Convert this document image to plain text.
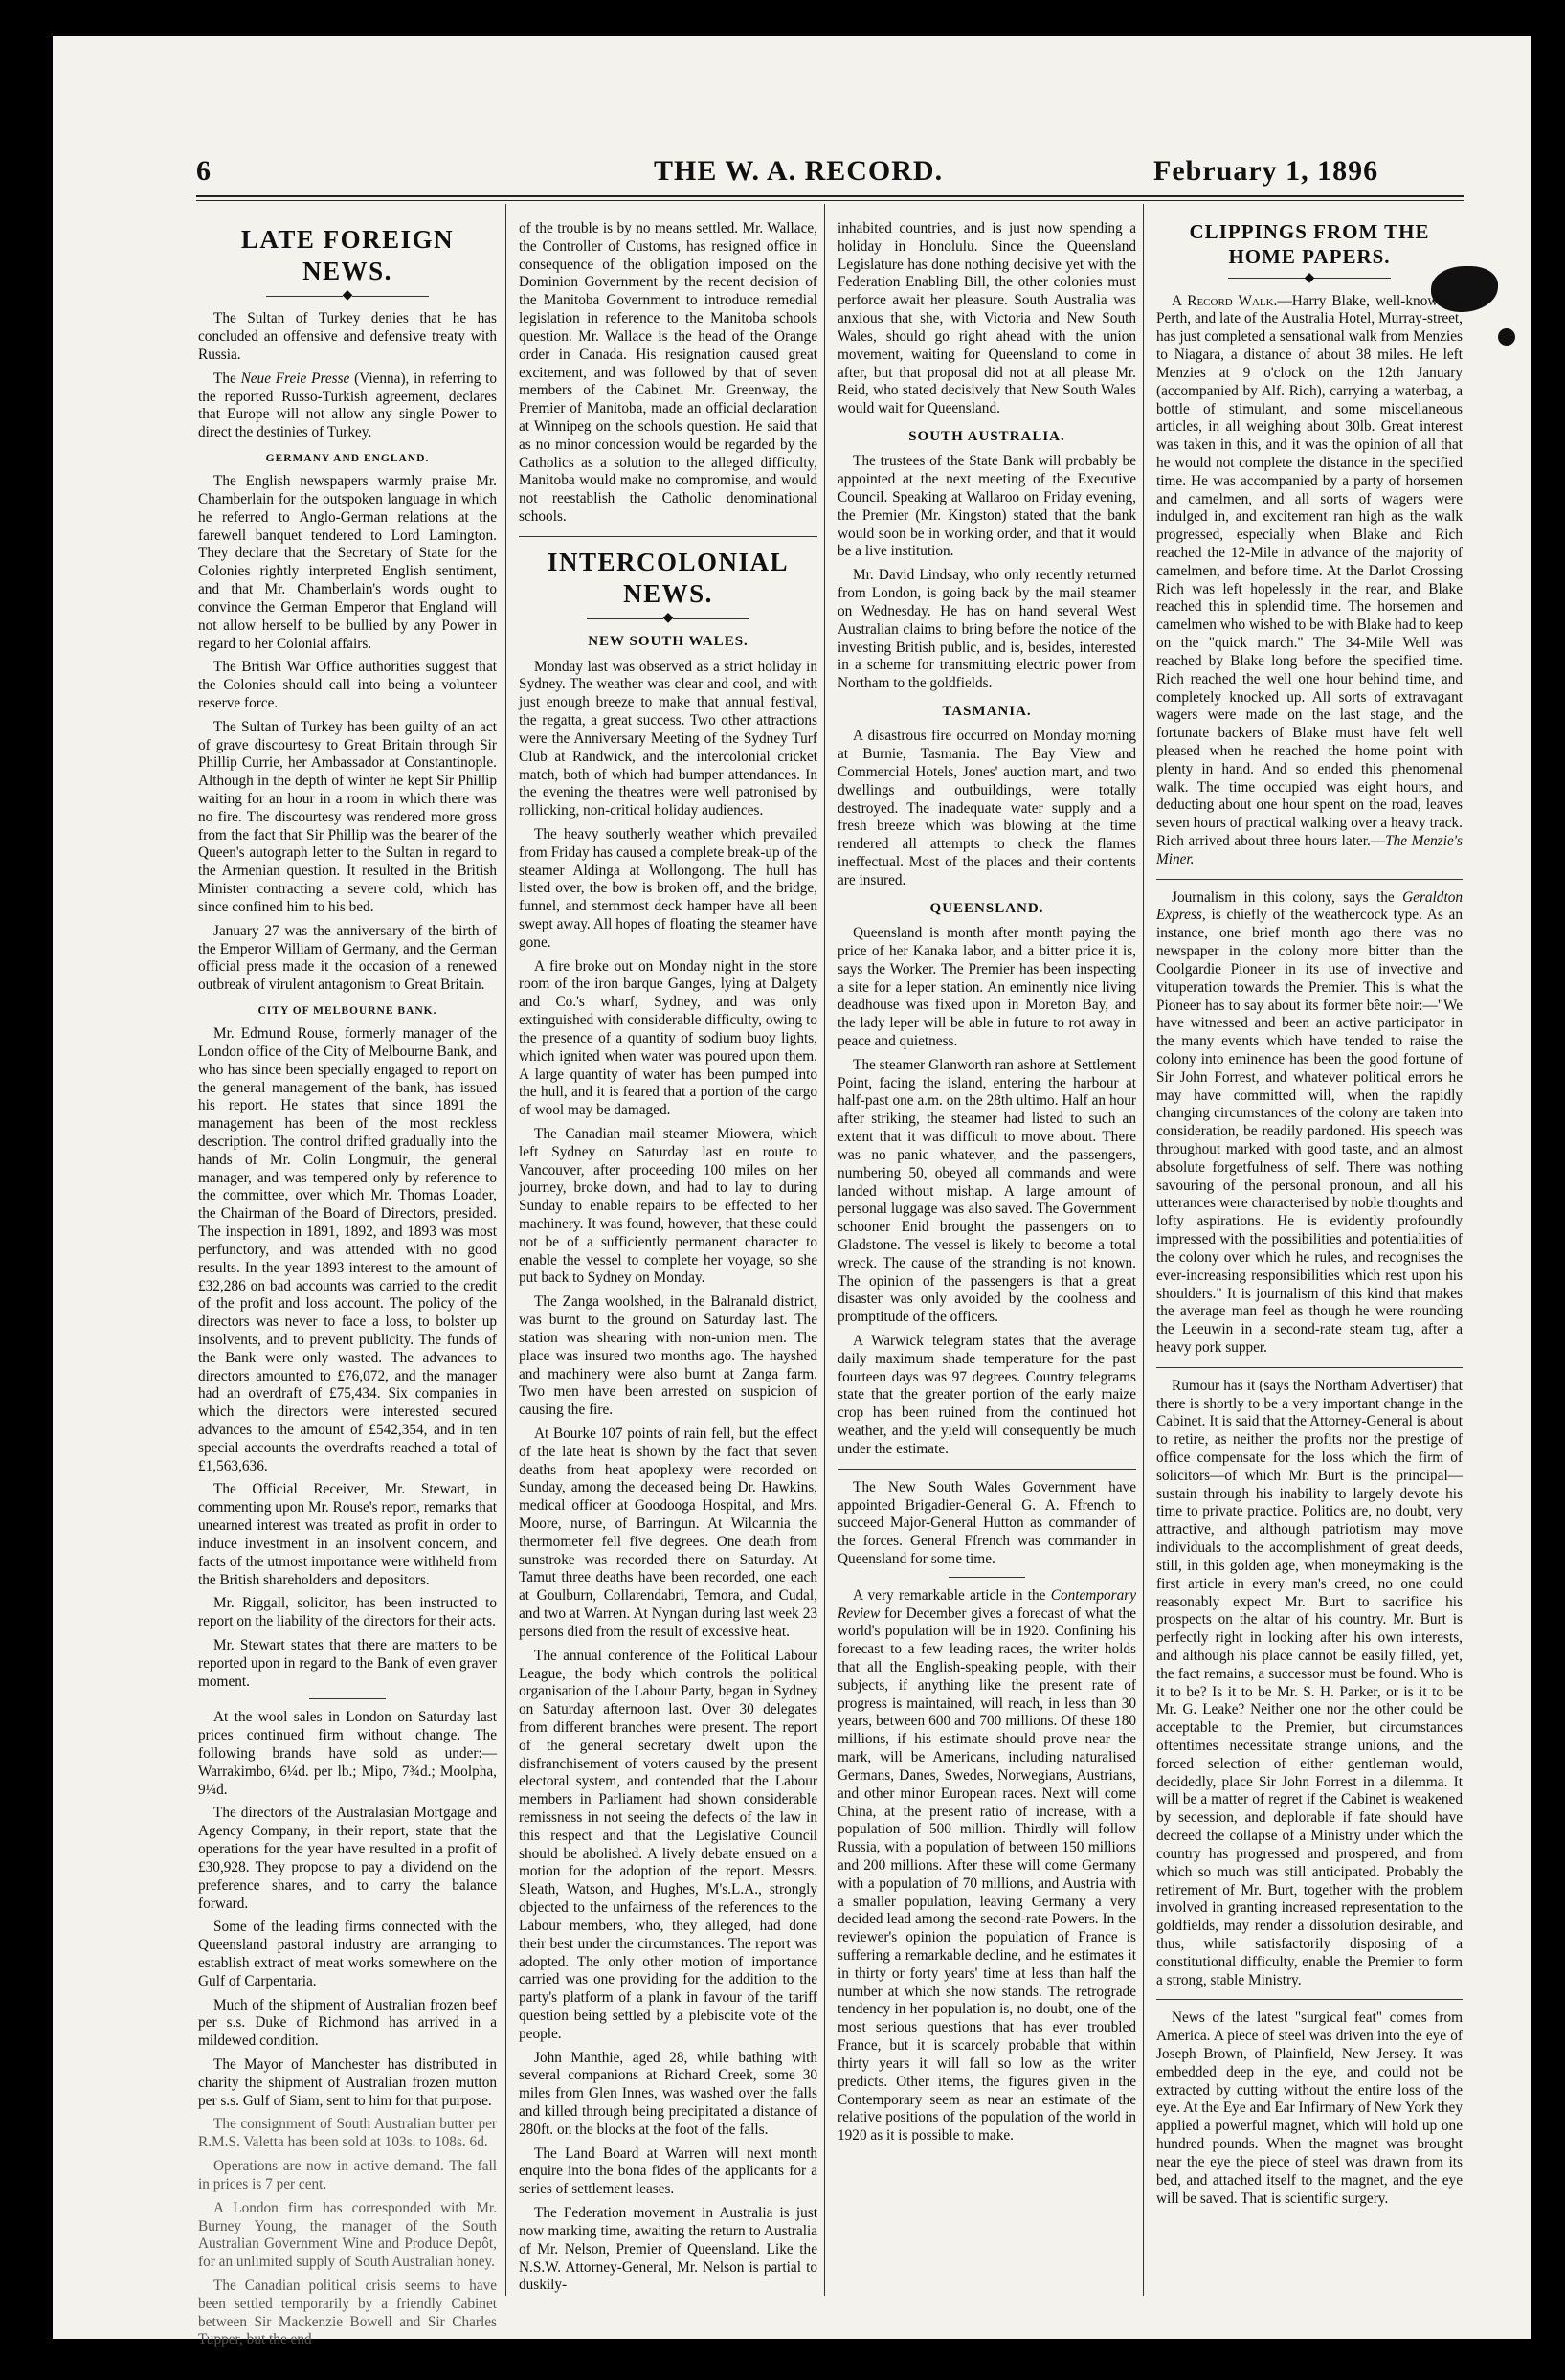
6	THE W. A. RECORD.	February 1, 1896
LATE FOREIGN NEWS.
◆

The Sultan of Turkey denies that he has concluded an offensive and defensive treaty with Russia.

The Neue Freie Presse (Vienna), in referring to the reported Russo-Turkish agreement, declares that Europe will not allow any single Power to direct the destinies of Turkey.

GERMANY AND ENGLAND.

The English newspapers warmly praise Mr. Chamberlain for the outspoken language in which he referred to Anglo-German relations at the farewell banquet tendered to Lord Lamington. They declare that the Secretary of State for the Colonies rightly interpreted English sentiment, and that Mr. Chamberlain's words ought to convince the German Emperor that England will not allow herself to be bullied by any Power in regard to her Colonial affairs.

The British War Office authorities suggest that the Colonies should call into being a volunteer reserve force.

The Sultan of Turkey has been guilty of an act of grave discourtesy to Great Britain through Sir Phillip Currie, her Ambassador at Constantinople. Although in the depth of winter he kept Sir Phillip waiting for an hour in a room in which there was no fire. The discourtesy was rendered more gross from the fact that Sir Phillip was the bearer of the Queen's autograph letter to the Sultan in regard to the Armenian question. It resulted in the British Minister contracting a severe cold, which has since confined him to his bed.

January 27 was the anniversary of the birth of the Emperor William of Germany, and the German official press made it the occasion of a renewed outbreak of virulent antagonism to Great Britain.

CITY OF MELBOURNE BANK.

Mr. Edmund Rouse, formerly manager of the London office of the City of Melbourne Bank, and who has since been specially engaged to report on the general management of the bank, has issued his report. He states that since 1891 the management has been of the most reckless description. The control drifted gradually into the hands of Mr. Colin Longmuir, the general manager, and was tempered only by reference to the committee, over which Mr. Thomas Loader, the Chairman of the Board of Directors, presided. The inspection in 1891, 1892, and 1893 was most perfunctory, and was attended with no good results. In the year 1893 interest to the amount of £32,286 on bad accounts was carried to the credit of the profit and loss account. The policy of the directors was never to face a loss, to bolster up insolvents, and to prevent publicity. The funds of the Bank were only wasted. The advances to directors amounted to £76,072, and the manager had an overdraft of £75,434. Six companies in which the directors were interested secured advances to the amount of £542,354, and in ten special accounts the overdrafts reached a total of £1,563,636.

The Official Receiver, Mr. Stewart, in commenting upon Mr. Rouse's report, remarks that unearned interest was treated as profit in order to induce investment in an insolvent concern, and facts of the utmost importance were withheld from the British shareholders and depositors.

Mr. Riggall, solicitor, has been instructed to report on the liability of the directors for their acts.

Mr. Stewart states that there are matters to be reported upon in regard to the Bank of even graver moment.

At the wool sales in London on Saturday last prices continued firm without change. The following brands have sold as under:—Warrakimbo, 6¼d. per lb.; Mipo, 7¾d.; Moolpha, 9¼d.

The directors of the Australasian Mortgage and Agency Company, in their report, state that the operations for the year have resulted in a profit of £30,928. They propose to pay a dividend on the preference shares, and to carry the balance forward.

Some of the leading firms connected with the Queensland pastoral industry are arranging to establish extract of meat works somewhere on the Gulf of Carpentaria.

Much of the shipment of Australian frozen beef per s.s. Duke of Richmond has arrived in a mildewed condition.

The Mayor of Manchester has distributed in charity the shipment of Australian frozen mutton per s.s. Gulf of Siam, sent to him for that purpose.

The consignment of South Australian butter per R.M.S. Valetta has been sold at 103s. to 108s. 6d.

Operations are now in active demand. The fall in prices is 7 per cent.

A London firm has corresponded with Mr. Burney Young, the manager of the South Australian Government Wine and Produce Depôt, for an unlimited supply of South Australian honey.

The Canadian political crisis seems to have been settled temporarily by a friendly Cabinet between Sir Mackenzie Bowell and Sir Charles Tupper, but the end

of the trouble is by no means settled. Mr. Wallace, the Controller of Customs, has resigned office in consequence of the obligation imposed on the Dominion Government by the recent decision of the Manitoba Government to introduce remedial legislation in reference to the Manitoba schools question. Mr. Wallace is the head of the Orange order in Canada. His resignation caused great excitement, and was followed by that of seven members of the Cabinet. Mr. Greenway, the Premier of Manitoba, made an official declaration at Winnipeg on the schools question. He said that as no minor concession would be regarded by the Catholics as a solution to the alleged difficulty, Manitoba would make no compromise, and would not reestablish the Catholic denominational schools.

INTERCOLONIAL NEWS.
◆
NEW SOUTH WALES.

Monday last was observed as a strict holiday in Sydney. The weather was clear and cool, and with just enough breeze to make that annual festival, the regatta, a great success. Two other attractions were the Anniversary Meeting of the Sydney Turf Club at Randwick, and the intercolonial cricket match, both of which had bumper attendances. In the evening the theatres were well patronised by rollicking, non-critical holiday audiences.

The heavy southerly weather which prevailed from Friday has caused a complete break-up of the steamer Aldinga at Wollongong. The hull has listed over, the bow is broken off, and the bridge, funnel, and sternmost deck hamper have all been swept away. All hopes of floating the steamer have gone.

A fire broke out on Monday night in the store room of the iron barque Ganges, lying at Dalgety and Co.'s wharf, Sydney, and was only extinguished with considerable difficulty, owing to the presence of a quantity of sodium buoy lights, which ignited when water was poured upon them. A large quantity of water has been pumped into the hull, and it is feared that a portion of the cargo of wool may be damaged.

The Canadian mail steamer Miowera, which left Sydney on Saturday last en route to Vancouver, after proceeding 100 miles on her journey, broke down, and had to lay to during Sunday to enable repairs to be effected to her machinery. It was found, however, that these could not be of a sufficiently permanent character to enable the vessel to complete her voyage, so she put back to Sydney on Monday.

The Zanga woolshed, in the Balranald district, was burnt to the ground on Saturday last. The station was shearing with non-union men. The place was insured two months ago. The hayshed and machinery were also burnt at Zanga farm. Two men have been arrested on suspicion of causing the fire.

At Bourke 107 points of rain fell, but the effect of the late heat is shown by the fact that seven deaths from heat apoplexy were recorded on Sunday, among the deceased being Dr. Hawkins, medical officer at Goodooga Hospital, and Mrs. Moore, nurse, of Barringun. At Wilcannia the thermometer fell five degrees. One death from sunstroke was recorded there on Saturday. At Tamut three deaths have been recorded, one each at Goulburn, Collarendabri, Temora, and Cudal, and two at Warren. At Nyngan during last week 23 persons died from the result of excessive heat.

The annual conference of the Political Labour League, the body which controls the political organisation of the Labour Party, began in Sydney on Saturday afternoon last. Over 30 delegates from different branches were present. The report of the general secretary dwelt upon the disfranchisement of voters caused by the present electoral system, and contended that the Labour members in Parliament had shown considerable remissness in not seeing the defects of the law in this respect and that the Legislative Council should be abolished. A lively debate ensued on a motion for the adoption of the report. Messrs. Sleath, Watson, and Hughes, M's.L.A., strongly objected to the unfairness of the references to the Labour members, who, they alleged, had done their best under the circumstances. The report was adopted. The only other motion of importance carried was one providing for the addition to the party's platform of a plank in favour of the tariff question being settled by a plebiscite vote of the people.

John Manthie, aged 28, while bathing with several companions at Richard Creek, some 30 miles from Glen Innes, was washed over the falls and killed through being precipitated a distance of 280ft. on the blocks at the foot of the falls.

The Land Board at Warren will next month enquire into the bona fides of the applicants for a series of settlement leases.

The Federation movement in Australia is just now marking time, awaiting the return to Australia of Mr. Nelson, Premier of Queensland. Like the N.S.W. Attorney-General, Mr. Nelson is partial to duskily-

inhabited countries, and is just now spending a holiday in Honolulu. Since the Queensland Legislature has done nothing decisive yet with the Federation Enabling Bill, the other colonies must perforce await her pleasure. South Australia was anxious that she, with Victoria and New South Wales, should go right ahead with the union movement, waiting for Queensland to come in after, but that proposal did not at all please Mr. Reid, who stated decisively that New South Wales would wait for Queensland.

SOUTH AUSTRALIA.

The trustees of the State Bank will probably be appointed at the next meeting of the Executive Council. Speaking at Wallaroo on Friday evening, the Premier (Mr. Kingston) stated that the bank would soon be in working order, and that it would be a live institution.

Mr. David Lindsay, who only recently returned from London, is going back by the mail steamer on Wednesday. He has on hand several West Australian claims to bring before the notice of the investing British public, and is, besides, interested in a scheme for transmitting electric power from Northam to the goldfields.

TASMANIA.

A disastrous fire occurred on Monday morning at Burnie, Tasmania. The Bay View and Commercial Hotels, Jones' auction mart, and two dwellings and outbuildings, were totally destroyed. The inadequate water supply and a fresh breeze which was blowing at the time rendered all attempts to check the flames ineffectual. Most of the places and their contents are insured.

QUEENSLAND.

Queensland is month after month paying the price of her Kanaka labor, and a bitter price it is, says the Worker. The Premier has been inspecting a site for a leper station. An eminently nice living deadhouse was fixed upon in Moreton Bay, and the lady leper will be able in future to rot away in peace and quietness.

The steamer Glanworth ran ashore at Settlement Point, facing the island, entering the harbour at half-past one a.m. on the 28th ultimo. Half an hour after striking, the steamer had listed to such an extent that it was difficult to move about. There was no panic whatever, and the passengers, numbering 50, obeyed all commands and were landed without mishap. A large amount of personal luggage was also saved. The Government schooner Enid brought the passengers on to Gladstone. The vessel is likely to become a total wreck. The cause of the stranding is not known. The opinion of the passengers is that a great disaster was only avoided by the coolness and promptitude of the officers.

A Warwick telegram states that the average daily maximum shade temperature for the past fourteen days was 97 degrees. Country telegrams state that the greater portion of the early maize crop has been ruined from the continued hot weather, and the yield will consequently be much under the estimate.

The New South Wales Government have appointed Brigadier-General G. A. Ffrench to succeed Major-General Hutton as commander of the forces. General Ffrench was commander in Queensland for some time.

A very remarkable article in the Contemporary Review for December gives a forecast of what the world's population will be in 1920. Confining his forecast to a few leading races, the writer holds that all the English-speaking people, with their subjects, if anything like the present rate of progress is maintained, will reach, in less than 30 years, between 600 and 700 millions. Of these 180 millions, if his estimate should prove near the mark, will be Americans, including naturalised Germans, Danes, Swedes, Norwegians, Austrians, and other minor European races. Next will come China, at the present ratio of increase, with a population of 500 million. Thirdly will follow Russia, with a population of between 150 millions and 200 millions. After these will come Germany with a population of 70 millions, and Austria with a smaller population, leaving Germany a very decided lead among the second-rate Powers. In the reviewer's opinion the population of France is suffering a remarkable decline, and he estimates it in thirty or forty years' time at less than half the number at which she now stands. The retrograde tendency in her population is, no doubt, one of the most serious questions that has ever troubled France, but it is scarcely probable that within thirty years it will fall so low as the writer predicts. Other items, the figures given in the Contemporary seem as near an estimate of the relative positions of the population of the world in 1920 as it is possible to make.

CLIPPINGS FROM THE
HOME PAPERS.
◆

A Record Walk.—Harry Blake, well-known in Perth, and late of the Australia Hotel, Murray-street, has just completed a sensational walk from Menzies to Niagara, a distance of about 38 miles. He left Menzies at 9 o'clock on the 12th January (accompanied by Alf. Rich), carrying a waterbag, a bottle of stimulant, and some miscellaneous articles, in all weighing about 30lb. Great interest was taken in this, and it was the opinion of all that he would not complete the distance in the specified time. He was accompanied by a party of horsemen and camelmen, and all sorts of wagers were indulged in, and excitement ran high as the walk progressed, especially when Blake and Rich reached the 12-Mile in advance of the majority of camelmen, and before time. At the Darlot Crossing Rich was left hopelessly in the rear, and Blake reached this in splendid time. The horsemen and camelmen who wished to be with Blake had to keep on the "quick march." The 34-Mile Well was reached by Blake long before the specified time. Rich reached the well one hour behind time, and completely knocked up. All sorts of extravagant wagers were made on the last stage, and the fortunate backers of Blake must have felt well pleased when he reached the home point with plenty in hand. And so ended this phenomenal walk. The time occupied was eight hours, and deducting about one hour spent on the road, leaves seven hours of practical walking over a heavy track. Rich arrived about three hours later.—The Menzie's Miner.

Journalism in this colony, says the Geraldton Express, is chiefly of the weathercock type. As an instance, one brief month ago there was no newspaper in the colony more bitter than the Coolgardie Pioneer in its use of invective and vituperation towards the Premier. This is what the Pioneer has to say about its former bête noir:—"We have witnessed and been an active participator in the many events which have tended to raise the colony into eminence has been the good fortune of Sir John Forrest, and whatever political errors he may have committed will, when the rapidly changing circumstances of the colony are taken into consideration, be readily pardoned. His speech was throughout marked with good taste, and an almost absolute forgetfulness of self. There was nothing savouring of the personal pronoun, and all his utterances were characterised by noble thoughts and lofty aspirations. He is evidently profoundly impressed with the possibilities and potentialities of the colony over which he rules, and recognises the ever-increasing responsibilities which rest upon his shoulders." It is journalism of this kind that makes the average man feel as though he were rounding the Leeuwin in a second-rate steam tug, after a heavy pork supper.

Rumour has it (says the Northam Advertiser) that there is shortly to be a very important change in the Cabinet. It is said that the Attorney-General is about to retire, as neither the profits nor the prestige of office compensate for the loss which the firm of solicitors—of which Mr. Burt is the principal—sustain through his inability to largely devote his time to private practice. Politics are, no doubt, very attractive, and although patriotism may move individuals to the accomplishment of great deeds, still, in this golden age, when moneymaking is the first article in every man's creed, no one could reasonably expect Mr. Burt to sacrifice his prospects on the altar of his country. Mr. Burt is perfectly right in looking after his own interests, and although his place cannot be easily filled, yet, the fact remains, a successor must be found. Who is it to be? Is it to be Mr. S. H. Parker, or is it to be Mr. G. Leake? Neither one nor the other could be acceptable to the Premier, but circumstances oftentimes necessitate strange unions, and the forced selection of either gentleman would, decidedly, place Sir John Forrest in a dilemma. It will be a matter of regret if the Cabinet is weakened by secession, and deplorable if fate should have decreed the collapse of a Ministry under which the country has progressed and prospered, and from which so much was still anticipated. Probably the retirement of Mr. Burt, together with the problem involved in granting increased representation to the goldfields, may render a dissolution desirable, and thus, while satisfactorily disposing of a constitutional difficulty, enable the Premier to form a strong, stable Ministry.

News of the latest "surgical feat" comes from America. A piece of steel was driven into the eye of Joseph Brown, of Plainfield, New Jersey. It was embedded deep in the eye, and could not be extracted by cutting without the entire loss of the eye. At the Eye and Ear Infirmary of New York they applied a powerful magnet, which will hold up one hundred pounds. When the magnet was brought near the eye the piece of steel was drawn from its bed, and attached itself to the magnet, and the eye will be saved. That is scientific surgery.
